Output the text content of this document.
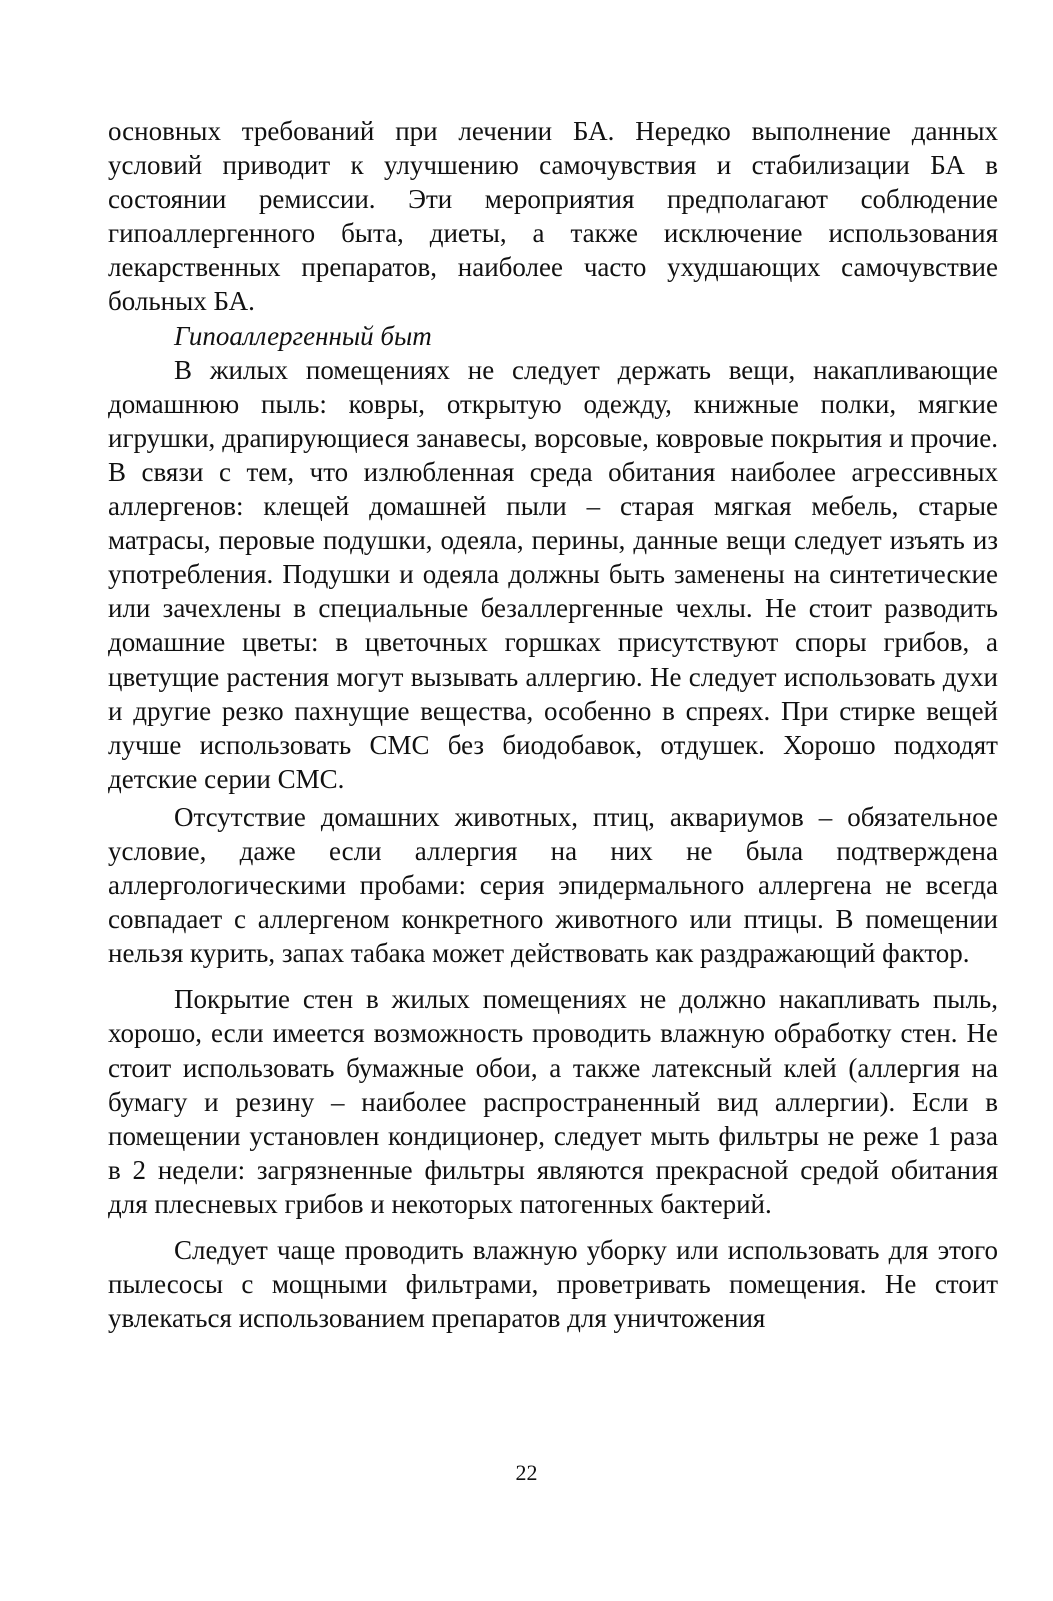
основных требований при лечении БА. Нередко выполнение данных условий приводит к улучшению самочувствия и стабилизации БА в состоянии ремиссии. Эти мероприятия предполагают соблюдение гипоаллергенного быта, диеты, а также исключение использования лекарственных препаратов, наиболее часто ухудшающих самочувствие больных БА.

Гипоаллергенный быт

В жилых помещениях не следует держать вещи, накапливающие домашнюю пыль: ковры, открытую одежду, книжные полки, мягкие игрушки, драпирующиеся занавесы, ворсовые, ковровые покрытия и прочие. В связи с тем, что излюбленная среда обитания наиболее агрессивных аллергенов: клещей домашней пыли – старая мягкая мебель, старые матрасы, перовые подушки, одеяла, перины, данные вещи следует изъять из употребления. Подушки и одеяла должны быть заменены на синтетические или зачехлены в специальные безаллергенные чехлы. Не стоит разводить домашние цветы: в цветочных горшках присутствуют споры грибов, а цветущие растения могут вызывать аллергию. Не следует использовать духи и другие резко пахнущие вещества, особенно в спреях. При стирке вещей лучше использовать СМС без биодобавок, отдушек. Хорошо подходят детские серии СМС.

Отсутствие домашних животных, птиц, аквариумов – обязательное условие, даже если аллергия на них не была подтверждена аллергологическими пробами: серия эпидермального аллергена не всегда совпадает с аллергеном конкретного животного или птицы. В помещении нельзя курить, запах табака может действовать как раздражающий фактор.

Покрытие стен в жилых помещениях не должно накапливать пыль, хорошо, если имеется возможность проводить влажную обработку стен. Не стоит использовать бумажные обои, а также латексный клей (аллергия на бумагу и резину – наиболее распространенный вид аллергии). Если в помещении установлен кондиционер, следует мыть фильтры не реже 1 раза в 2 недели: загрязненные фильтры являются прекрасной средой обитания для плесневых грибов и некоторых патогенных бактерий.

Следует чаще проводить влажную уборку или использовать для этого пылесосы с мощными фильтрами, проветривать помещения. Не стоит увлекаться использованием препаратов для уничтожения

22
